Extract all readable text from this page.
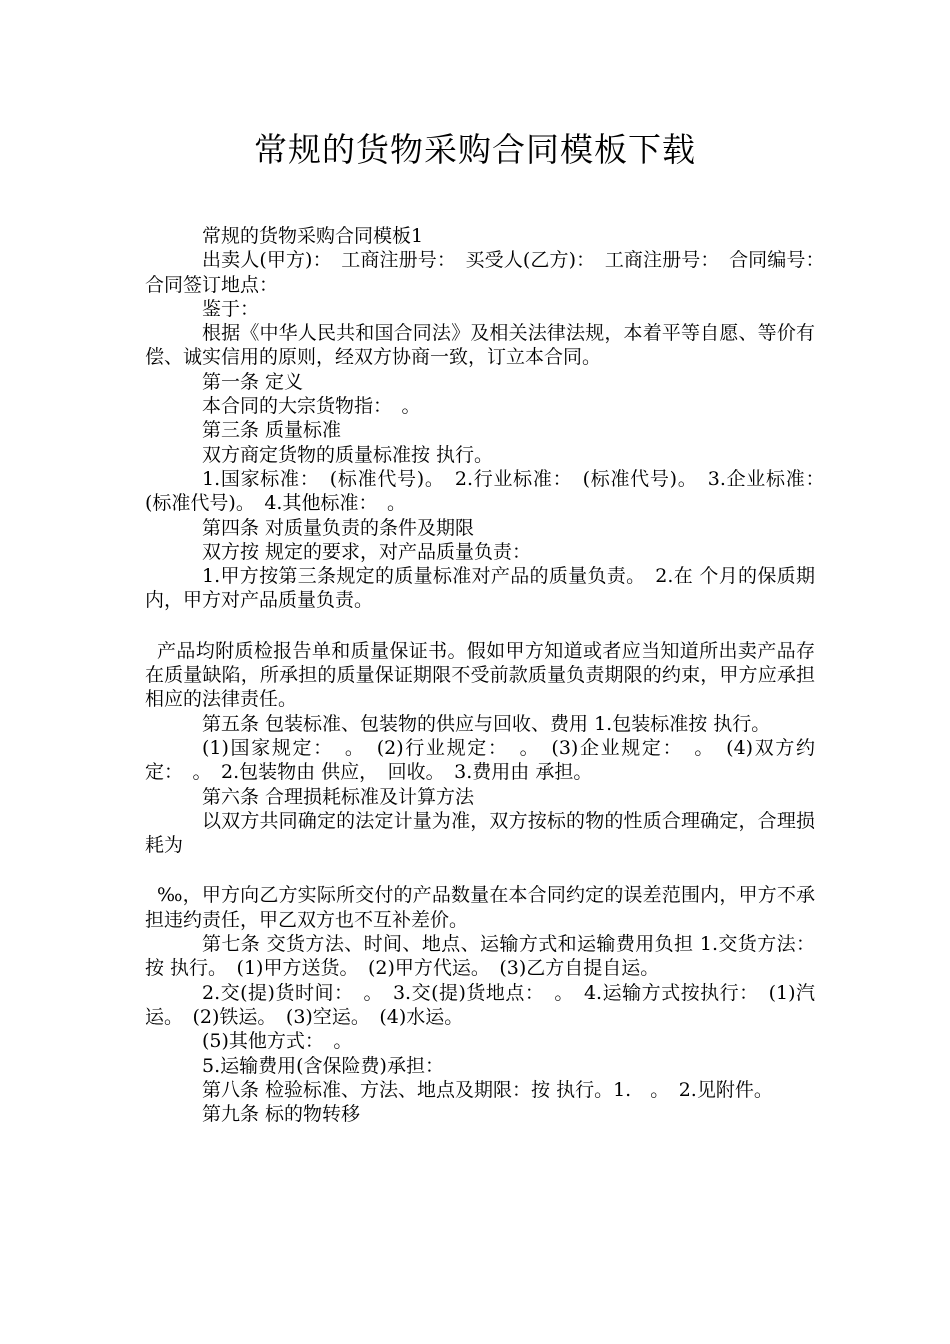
常规的货物采购合同模板下载

常规的货物采购合同模板1

出卖人(甲方)：　工商注册号：　买受人(乙方)：　工商注册号：　合同编号：　合同签订地点：

鉴于：

根据《中华人民共和国合同法》及相关法律法规，本着平等自愿、等价有偿、诚实信用的原则，经双方协商一致，订立本合同。

第一条 定义

本合同的大宗货物指：　。

第三条 质量标准

双方商定货物的质量标准按 执行。

1.国家标准：　(标准代号)。　2.行业标准：　(标准代号)。　3.企业标准：　(标准代号)。　4.其他标准：　。

第四条 对质量负责的条件及期限

双方按 规定的要求，对产品质量负责：

1.甲方按第三条规定的质量标准对产品的质量负责。　2.在 个月的保质期内，甲方对产品质量负责。

产品均附质检报告单和质量保证书。假如甲方知道或者应当知道所出卖产品存在质量缺陷，所承担的质量保证期限不受前款质量负责期限的约束，甲方应承担相应的法律责任。

第五条 包装标准、包装物的供应与回收、费用 1.包装标准按 执行。

(1)国家规定：　。　(2)行业规定：　。　(3)企业规定：　。　(4)双方约定：　。　2.包装物由 供应，　回收。　3.费用由 承担。

第六条 合理损耗标准及计算方法

以双方共同确定的法定计量为准，双方按标的物的性质合理确定，合理损耗为

‰，甲方向乙方实际所交付的产品数量在本合同约定的误差范围内，甲方不承担违约责任，甲乙双方也不互补差价。

第七条 交货方法、时间、地点、运输方式和运输费用负担 1.交货方法：按 执行。　(1)甲方送货。　(2)甲方代运。　(3)乙方自提自运。

2.交(提)货时间：　。　3.交(提)货地点：　。　4.运输方式按执行：　(1)汽运。　(2)铁运。　(3)空运。　(4)水运。

(5)其他方式：　。

5.运输费用(含保险费)承担：

第八条 检验标准、方法、地点及期限：按 执行。1.　。　2.见附件。

第九条 标的物转移
